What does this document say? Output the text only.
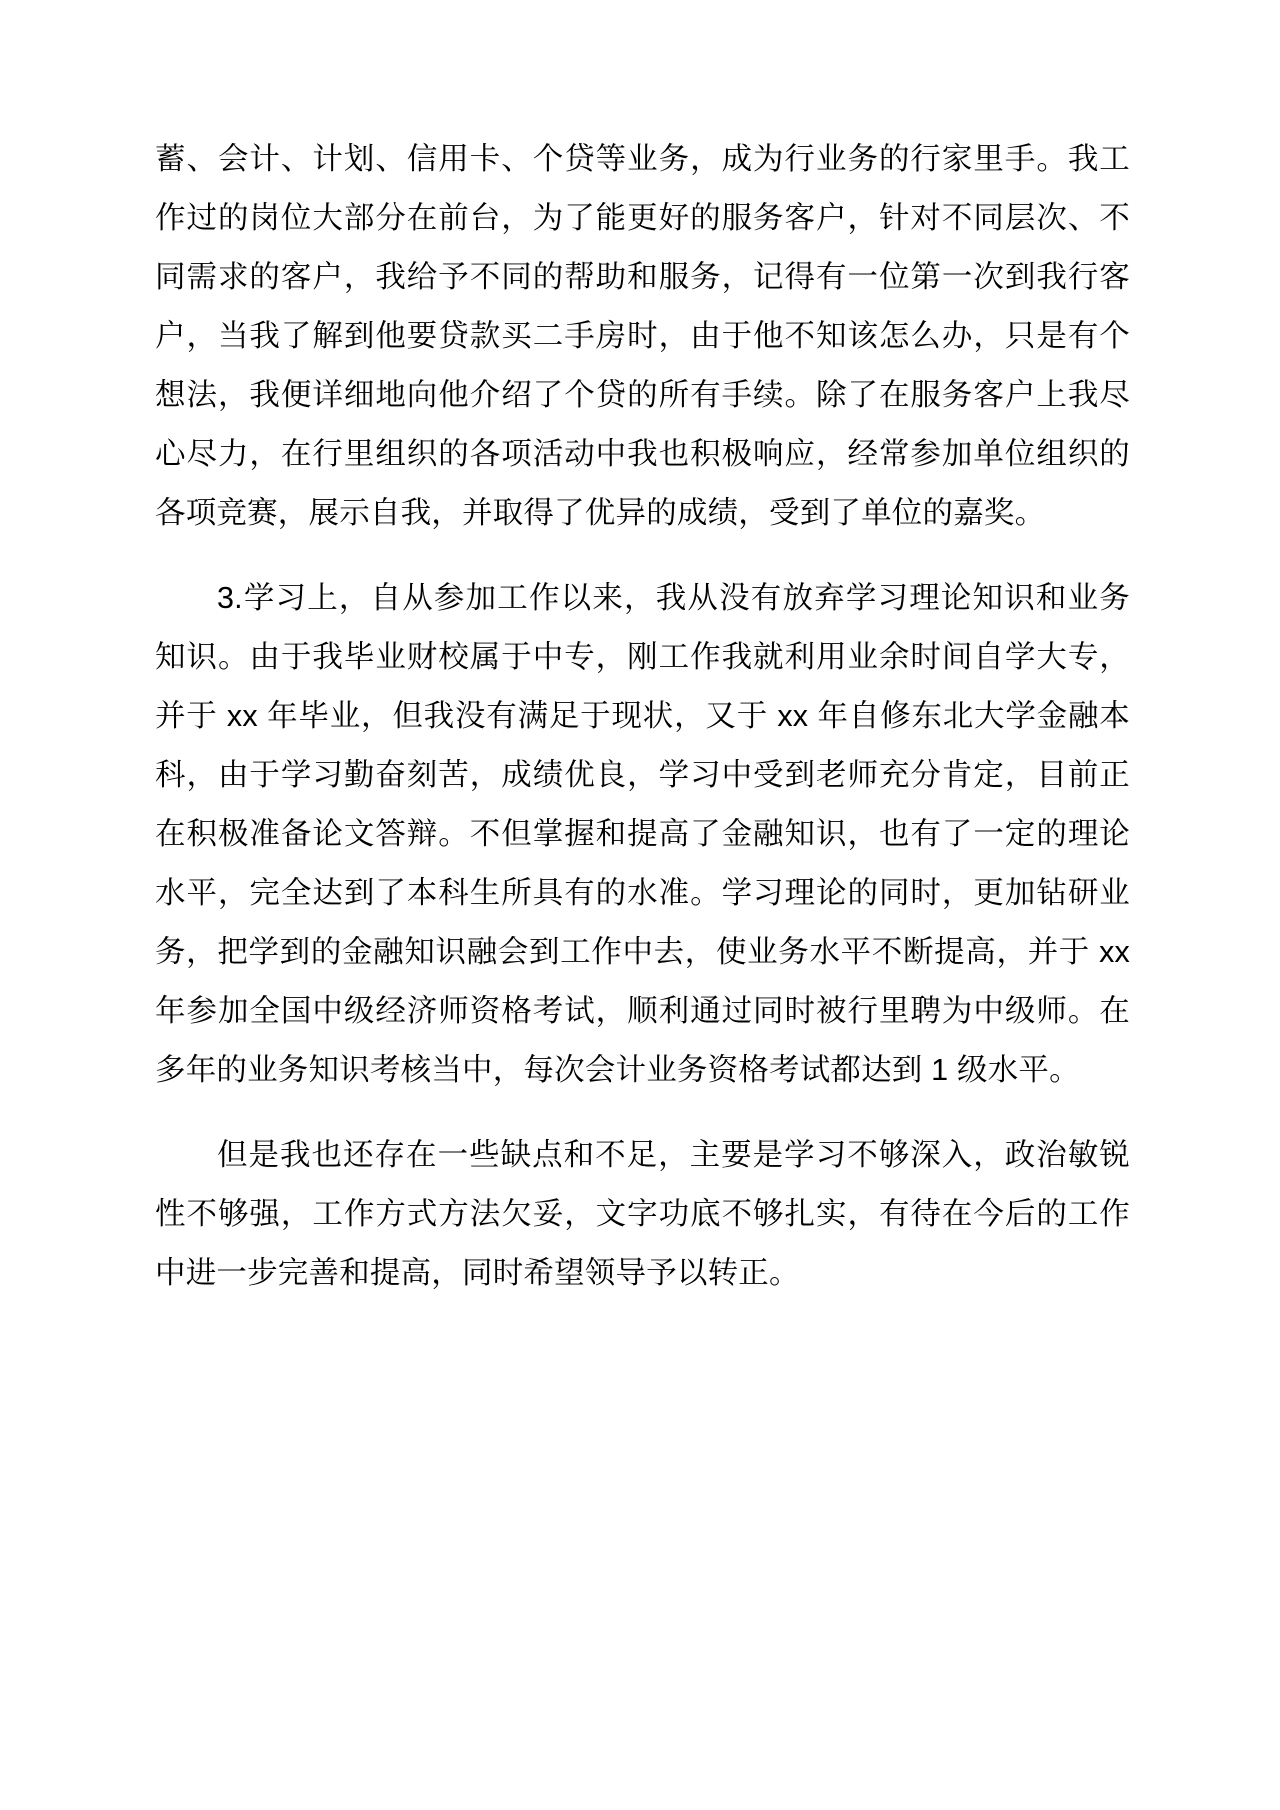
蓄、会计、计划、信用卡、个贷等业务，成为行业务的行家里手。我工作过的岗位大部分在前台，为了能更好的服务客户，针对不同层次、不同需求的客户，我给予不同的帮助和服务，记得有一位第一次到我行客户，当我了解到他要贷款买二手房时，由于他不知该怎么办，只是有个想法，我便详细地向他介绍了个贷的所有手续。除了在服务客户上我尽心尽力，在行里组织的各项活动中我也积极响应，经常参加单位组织的各项竞赛，展示自我，并取得了优异的成绩，受到了单位的嘉奖。

3.学习上，自从参加工作以来，我从没有放弃学习理论知识和业务知识。由于我毕业财校属于中专，刚工作我就利用业余时间自学大专，并于 xx 年毕业，但我没有满足于现状，又于 xx 年自修东北大学金融本科，由于学习勤奋刻苦，成绩优良，学习中受到老师充分肯定，目前正在积极准备论文答辩。不但掌握和提高了金融知识，也有了一定的理论水平，完全达到了本科生所具有的水准。学习理论的同时，更加钻研业务，把学到的金融知识融会到工作中去，使业务水平不断提高，并于 xx 年参加全国中级经济师资格考试，顺利通过同时被行里聘为中级师。在多年的业务知识考核当中，每次会计业务资格考试都达到 1 级水平。

但是我也还存在一些缺点和不足，主要是学习不够深入，政治敏锐性不够强，工作方式方法欠妥，文字功底不够扎实，有待在今后的工作中进一步完善和提高，同时希望领导予以转正。
